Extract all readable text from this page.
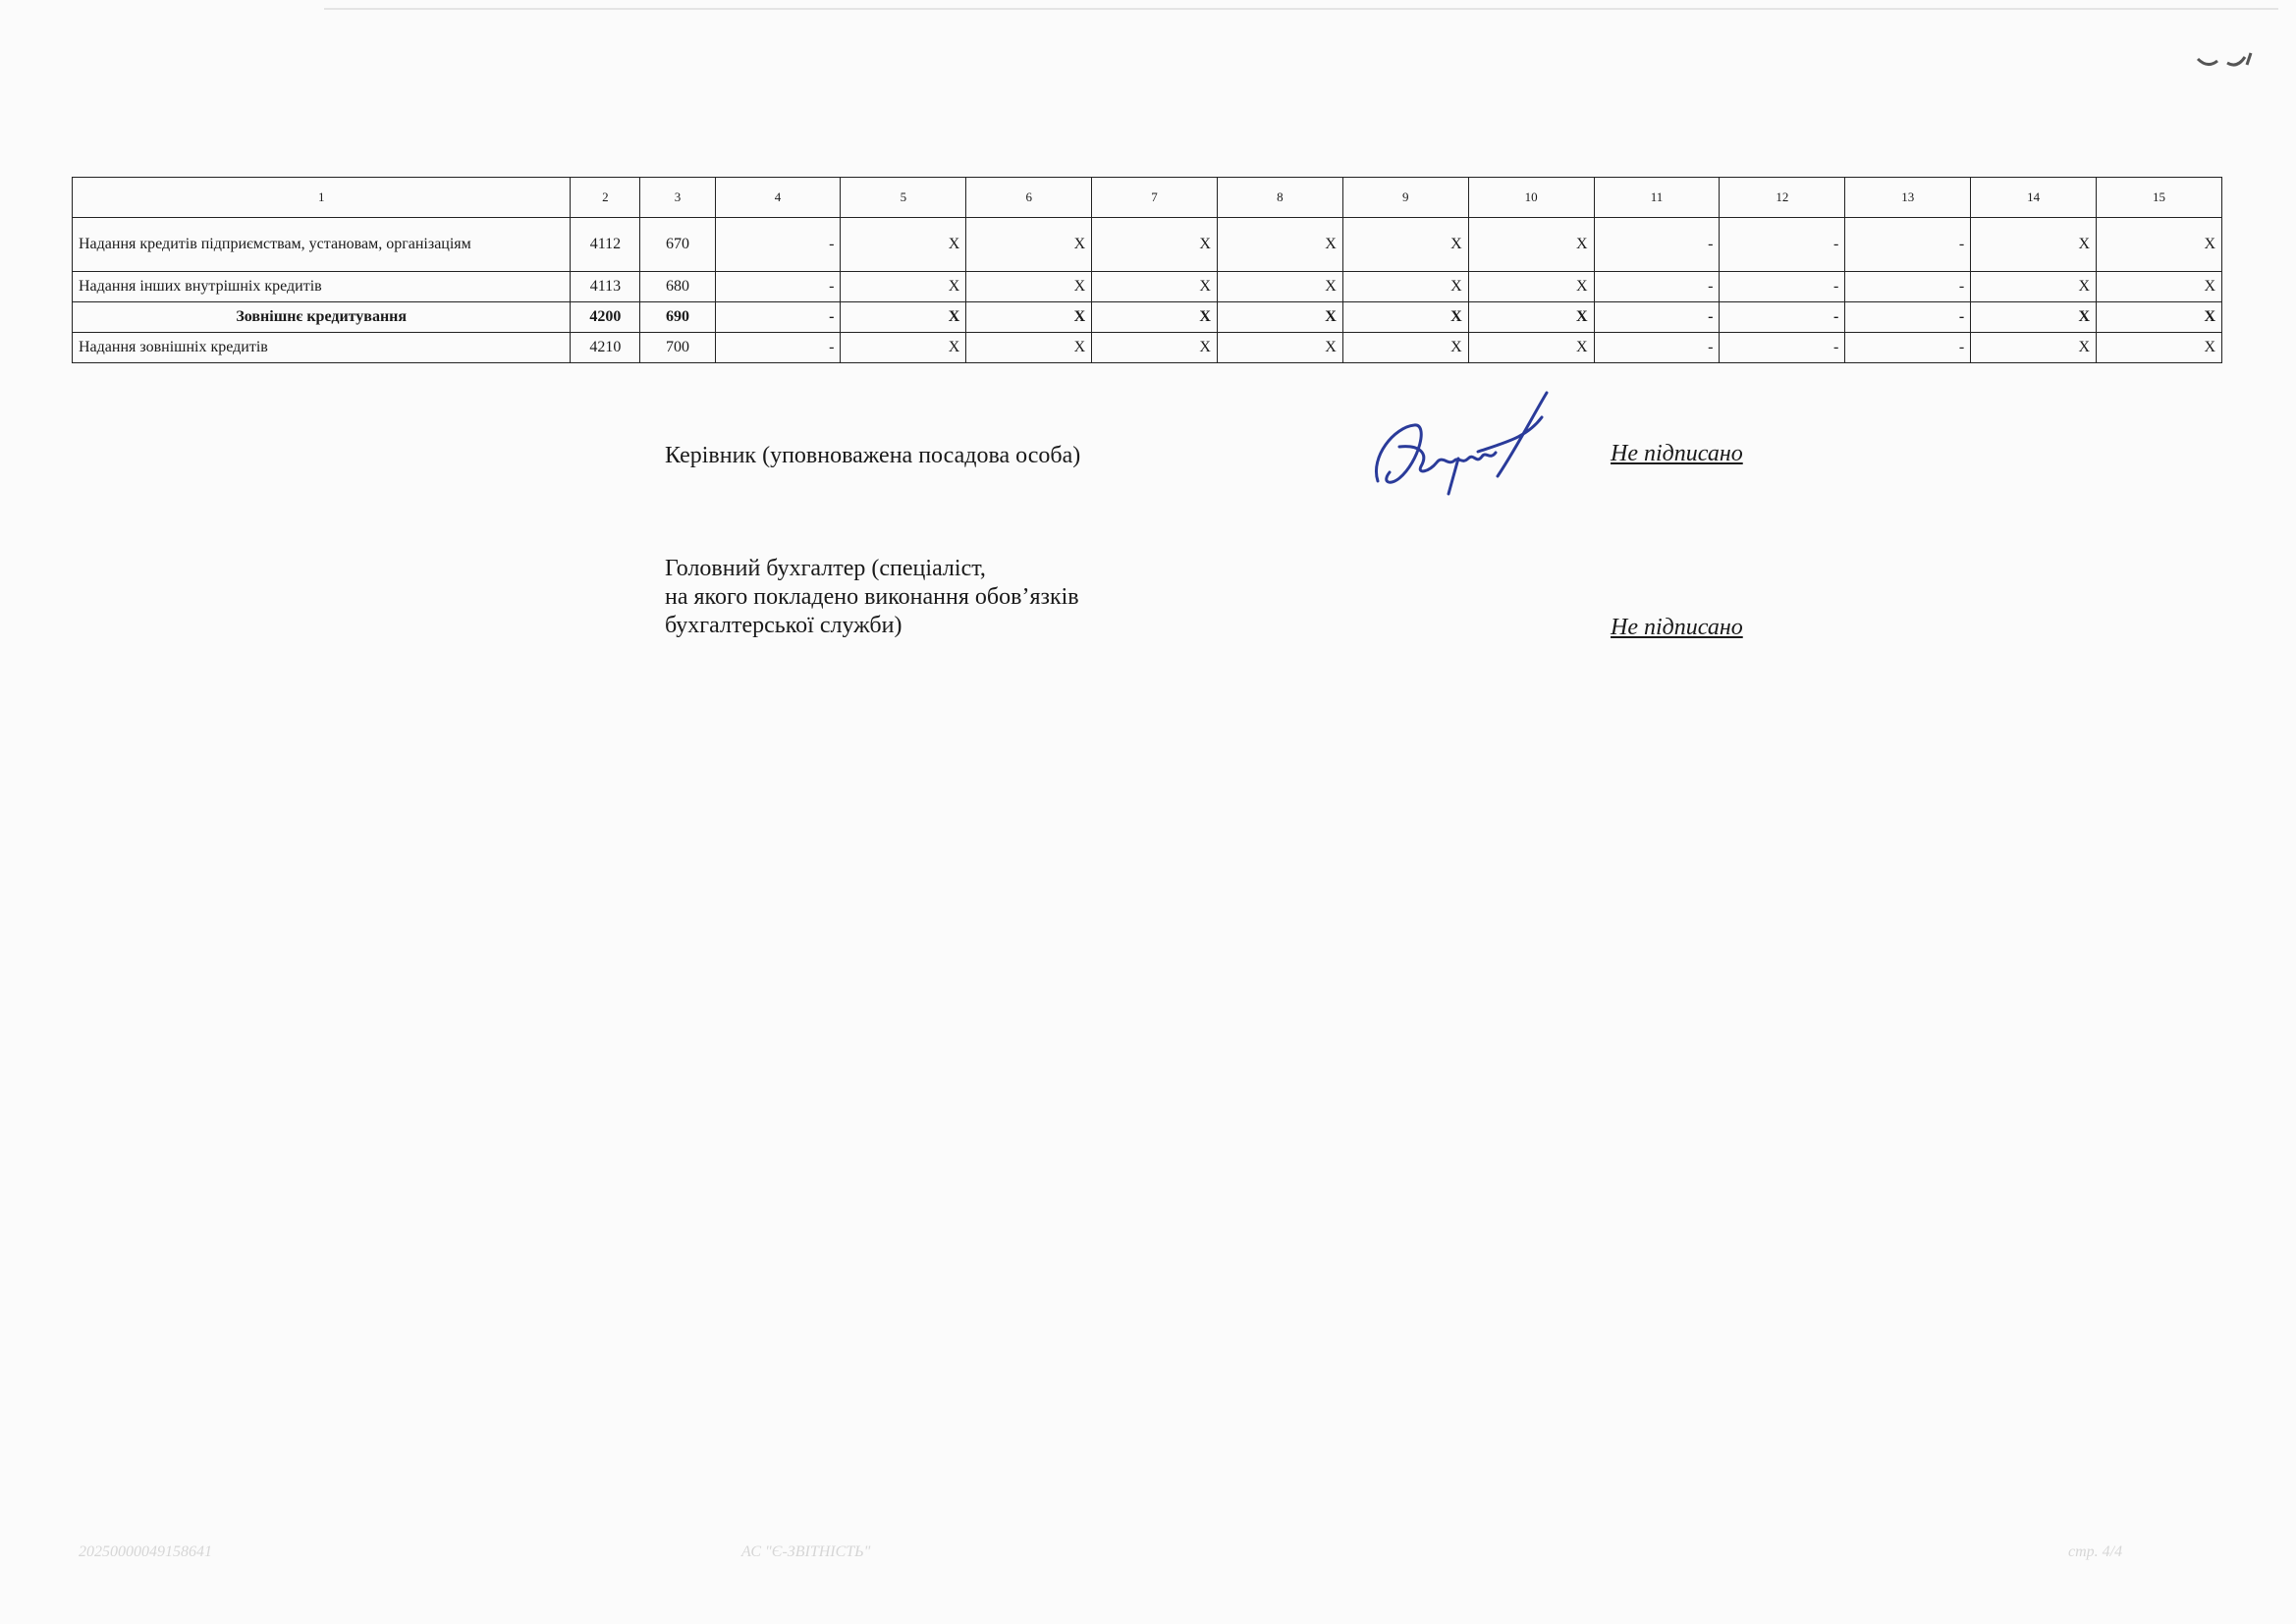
1	2	3	4	5	6	7	8	9	10	11	12	13	14	15
Надання кредитів підприємствам, установам, організаціям	4112	670	-	X	X	X	X	X	X	-	-	-	X	X
Надання інших внутрішніх кредитів	4113	680	-	X	X	X	X	X	X	-	-	-	X	X
Зовнішнє кредитування	4200	690	-	X	X	X	X	X	X	-	-	-	X	X
Надання зовнішніх кредитів	4210	700	-	X	X	X	X	X	X	-	-	-	X	X
Керівник (уповноважена посадова особа)	Не підписано
Головний бухгалтер (спеціаліст,
на якого покладено виконання обов’язків
бухгалтерської служби)	Не підписано
20250000049158641	АС "Є-ЗВІТНІСТЬ"	стр. 4/4
